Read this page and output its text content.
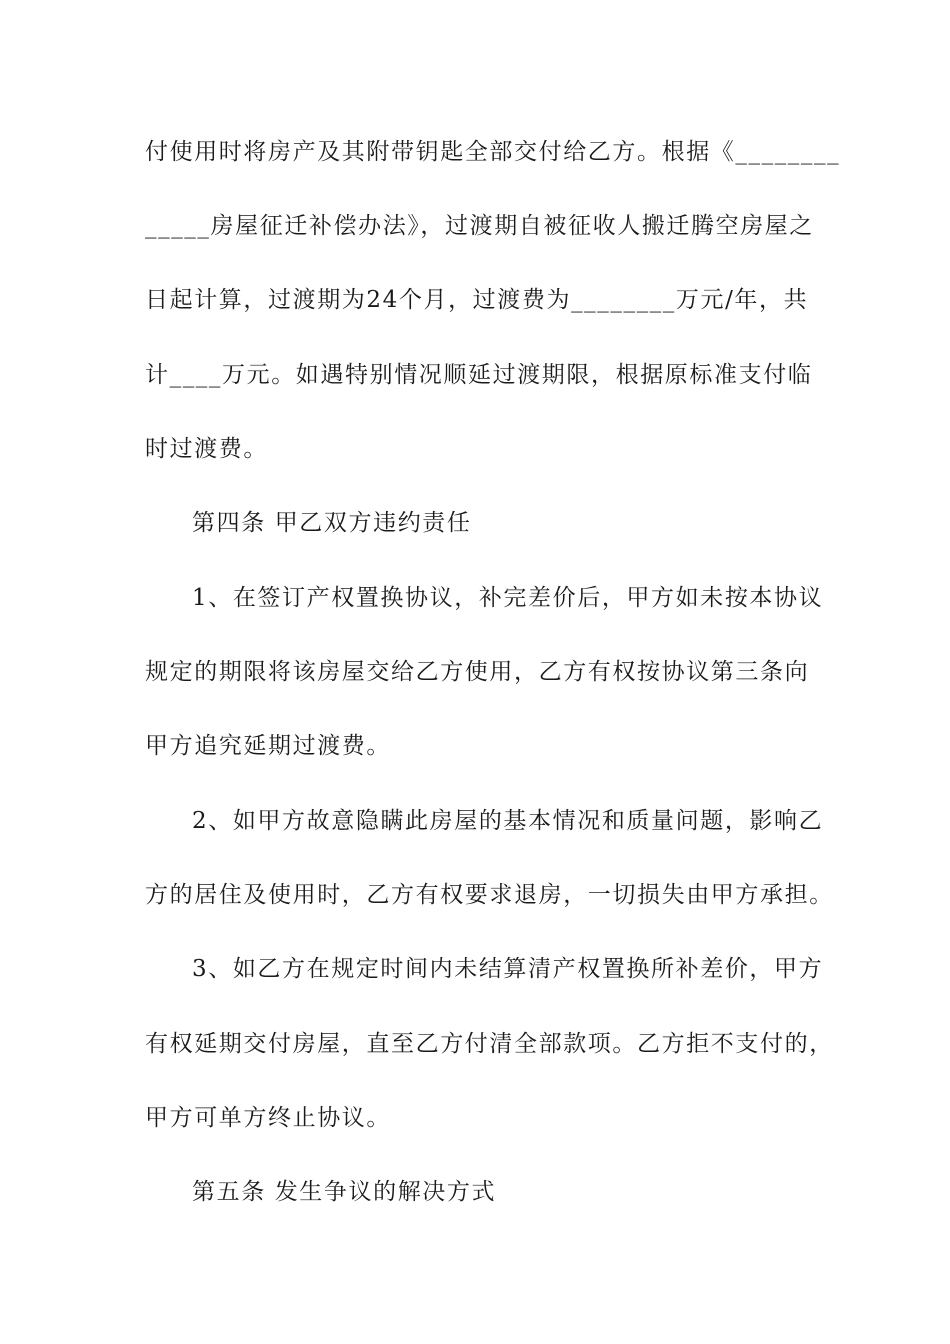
付使用时将房产及其附带钥匙全部交付给乙方。根据《________
_____房屋征迁补偿办法》，过渡期自被征收人搬迁腾空房屋之
日起计算，过渡期为24个月，过渡费为________万元/年，共
计____万元。如遇特别情况顺延过渡期限，根据原标准支付临
时过渡费。
第四条 甲乙双方违约责任
1、在签订产权置换协议，补完差价后，甲方如未按本协议
规定的期限将该房屋交给乙方使用，乙方有权按协议第三条向
甲方追究延期过渡费。
2、如甲方故意隐瞒此房屋的基本情况和质量问题，影响乙
方的居住及使用时，乙方有权要求退房，一切损失由甲方承担。
3、如乙方在规定时间内未结算清产权置换所补差价，甲方
有权延期交付房屋，直至乙方付清全部款项。乙方拒不支付的，
甲方可单方终止协议。
第五条 发生争议的解决方式
